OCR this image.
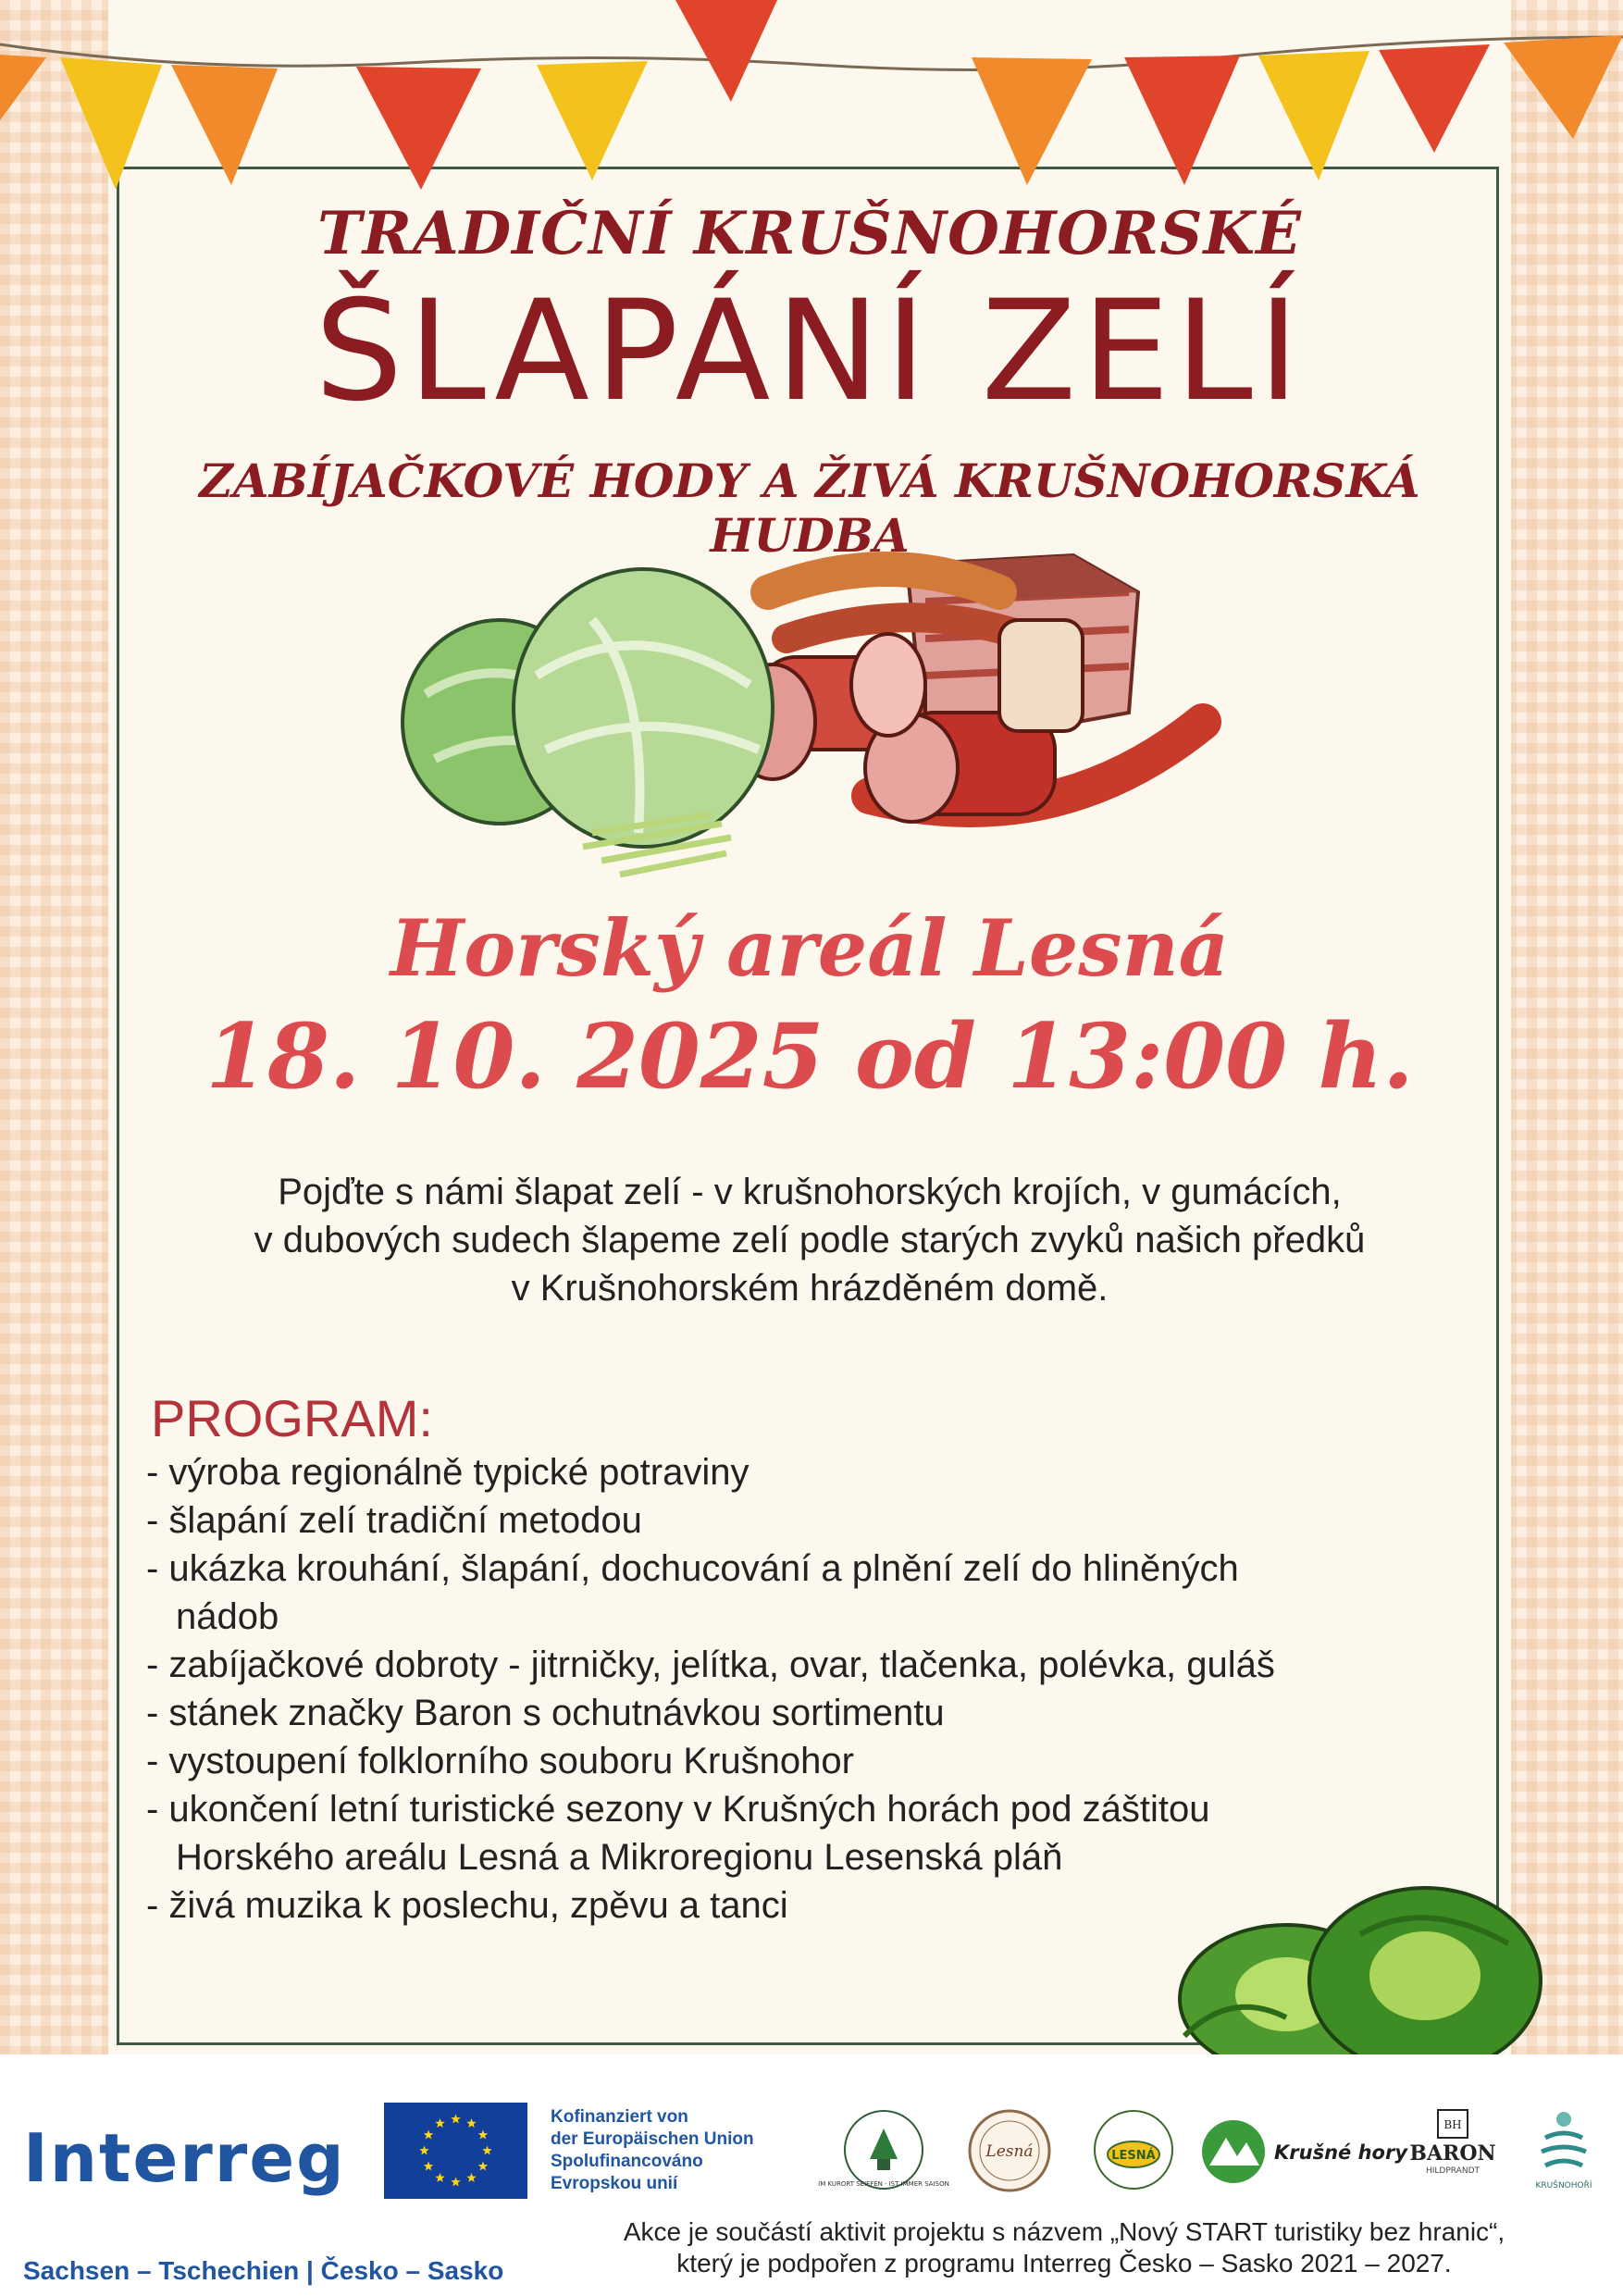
TRADIČNÍ KRUŠNOHORSKÉ
ŠLAPÁNÍ ZELÍ
ZABÍJAČKOVÉ HODY A ŽIVÁ KRUŠNOHORSKÁ HUDBA
Horský areál Lesná
18. 10. 2025 od 13:00 h.
Pojďte s námi šlapat zelí - v krušnohorských krojích, v gumácích,
v dubových sudech šlapeme zelí podle starých zvyků našich předků
v Krušnohorském hrázděném domě.
PROGRAM:
- výroba regionálně typické potraviny
- šlapání zelí tradiční metodou
- ukázka krouhání, šlapání, dochucování a plnění zelí do hliněných
nádob
- zabíjačkové dobroty - jitrničky, jelítka, ovar, tlačenka, polévka, guláš
- stánek značky Baron s ochutnávkou sortimentu
- vystoupení folklorního souboru Krušnohor
- ukončení letní turistické sezony v Krušných horách pod záštitou
Horského areálu Lesná a Mikroregionu Lesenská pláň
- živá muzika k poslechu, zpěvu a tanci
Interreg
Sachsen – Tschechien | Česko – Sasko
Kofinanziert von
der Europäischen Union
Spolufinancováno
Evropskou unií	IM KURORT SEIFFEN · IST IMMER SAISON
Lesná	LESNÁ	Krušné hory
BH
BARON
HILDPRANDT
KRUŠNOHOŘÍ
Akce je součástí aktivit projektu s názvem „Nový START turistiky bez hranic“,
který je podpořen z programu Interreg Česko – Sasko 2021 – 2027.
